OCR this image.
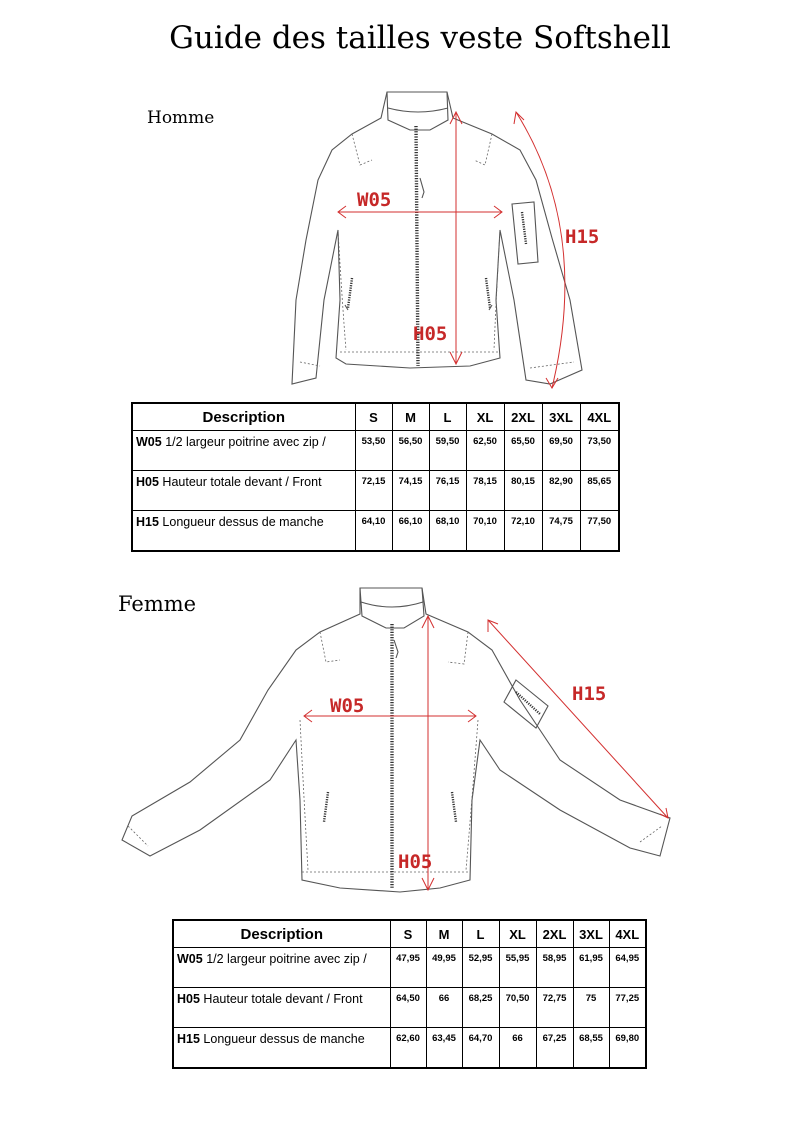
Guide des tailles veste Softshell
Homme
W05
H05
H15
Description	S	M	L	XL	2XL	3XL	4XL
W05 1/2 largeur poitrine avec zip /	53,50	56,50	59,50	62,50	65,50	69,50	73,50
H05 Hauteur totale devant / Front	72,15	74,15	76,15	78,15	80,15	82,90	85,65
H15 Longueur dessus de manche	64,10	66,10	68,10	70,10	72,10	74,75	77,50
Femme
W05
H05
H15
Description	S	M	L	XL	2XL	3XL	4XL
W05 1/2 largeur poitrine avec zip /	47,95	49,95	52,95	55,95	58,95	61,95	64,95
H05 Hauteur totale devant / Front	64,50	66	68,25	70,50	72,75	75	77,25
H15 Longueur dessus de manche	62,60	63,45	64,70	66	67,25	68,55	69,80
